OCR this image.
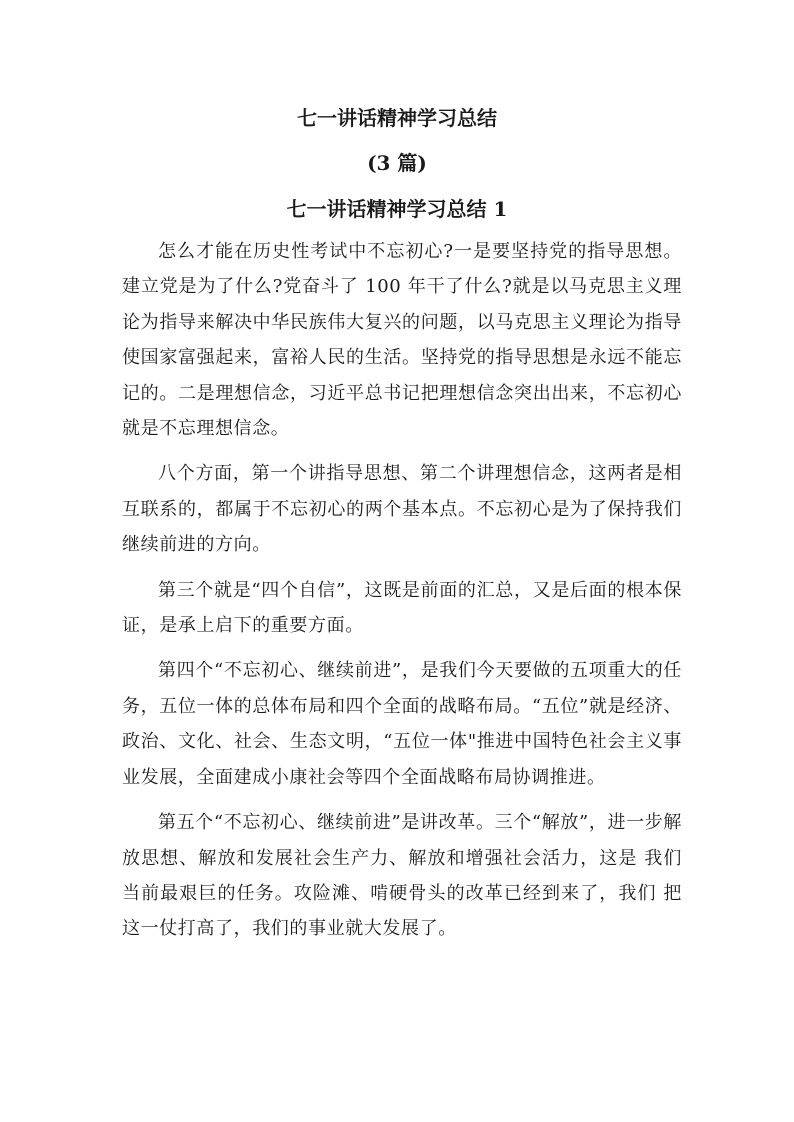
七一讲话精神学习总结
(3 篇)
七一讲话精神学习总结 1

怎么才能在历史性考试中不忘初心?一是要坚持党的指导思想。建立党是为了什么?党奋斗了 100 年干了什么?就是以马克思主义理论为指导来解决中华民族伟大复兴的问题，以马克思主义理论为指导使国家富强起来，富裕人民的生活。坚持党的指导思想是永远不能忘记的。二是理想信念，习近平总书记把理想信念突出出来，不忘初心就是不忘理想信念。

八个方面，第一个讲指导思想、第二个讲理想信念，这两者是相互联系的，都属于不忘初心的两个基本点。不忘初心是为了保持我们继续前进的方向。

第三个就是“四个自信”，这既是前面的汇总，又是后面的根本保证，是承上启下的重要方面。

第四个“不忘初心、继续前进”，是我们今天要做的五项重大的任务，五位一体的总体布局和四个全面的战略布局。“五位”就是经济、政治、文化、社会、生态文明，“五位一体"推进中国特色社会主义事业发展，全面建成小康社会等四个全面战略布局协调推进。

第五个“不忘初心、继续前进”是讲改革。三个“解放”，进一步解放思想、解放和发展社会生产力、解放和增强社会活力，这是 我们当前最艰巨的任务。攻险滩、啃硬骨头的改革已经到来了，我们 把这一仗打高了，我们的事业就大发展了。
